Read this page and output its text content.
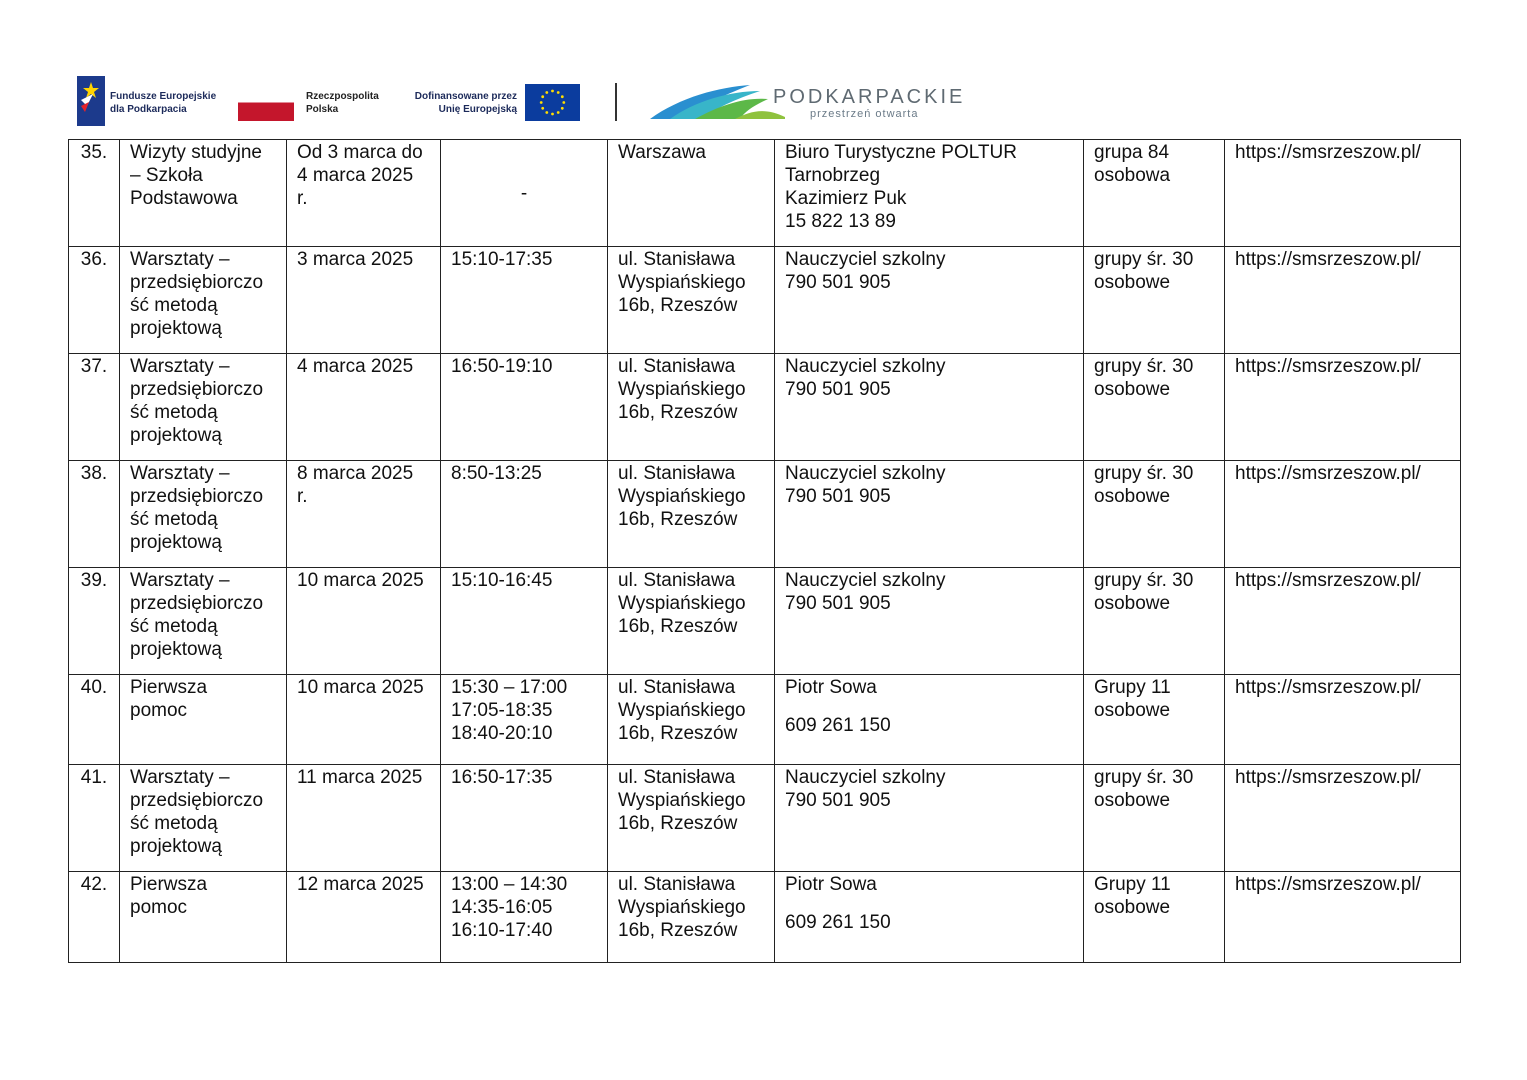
Fundusze Europejskie
dla Podkarpacia
Rzeczpospolita
Polska
Dofinansowane przez
Unię Europejską
PODKARPACKIE
przestrzeń otwarta
35.	Wizyty studyjne
– Szkoła
Podstawowa	Od 3 marca do
4 marca 2025
r.	-	Warszawa	Biuro Turystyczne POLTUR
Tarnobrzeg
Kazimierz Puk
15 822 13 89	grupa 84
osobowa	https://smsrzeszow.pl/
36.	Warsztaty –
przedsiębiorczo
ść metodą
projektową	3 marca 2025	15:10-17:35	ul. Stanisława
Wyspiańskiego
16b, Rzeszów	Nauczyciel szkolny
790 501 905	grupy śr. 30
osobowe	https://smsrzeszow.pl/
37.	Warsztaty –
przedsiębiorczo
ść metodą
projektową	4 marca 2025	16:50-19:10	ul. Stanisława
Wyspiańskiego
16b, Rzeszów	Nauczyciel szkolny
790 501 905	grupy śr. 30
osobowe	https://smsrzeszow.pl/
38.	Warsztaty –
przedsiębiorczo
ść metodą
projektową	8 marca 2025
r.	8:50-13:25	ul. Stanisława
Wyspiańskiego
16b, Rzeszów	Nauczyciel szkolny
790 501 905	grupy śr. 30
osobowe	https://smsrzeszow.pl/
39.	Warsztaty –
przedsiębiorczo
ść metodą
projektową	10 marca 2025	15:10-16:45	ul. Stanisława
Wyspiańskiego
16b, Rzeszów	Nauczyciel szkolny
790 501 905	grupy śr. 30
osobowe	https://smsrzeszow.pl/
40.	Pierwsza
pomoc	10 marca 2025	15:30 – 17:00
17:05-18:35
18:40-20:10	ul. Stanisława
Wyspiańskiego
16b, Rzeszów	Piotr Sowa
609 261 150	Grupy 11
osobowe	https://smsrzeszow.pl/
41.	Warsztaty –
przedsiębiorczo
ść metodą
projektową	11 marca 2025	16:50-17:35	ul. Stanisława
Wyspiańskiego
16b, Rzeszów	Nauczyciel szkolny
790 501 905	grupy śr. 30
osobowe	https://smsrzeszow.pl/
42.	Pierwsza
pomoc	12 marca 2025	13:00 – 14:30
14:35-16:05
16:10-17:40	ul. Stanisława
Wyspiańskiego
16b, Rzeszów	Piotr Sowa
609 261 150	Grupy 11
osobowe	https://smsrzeszow.pl/
